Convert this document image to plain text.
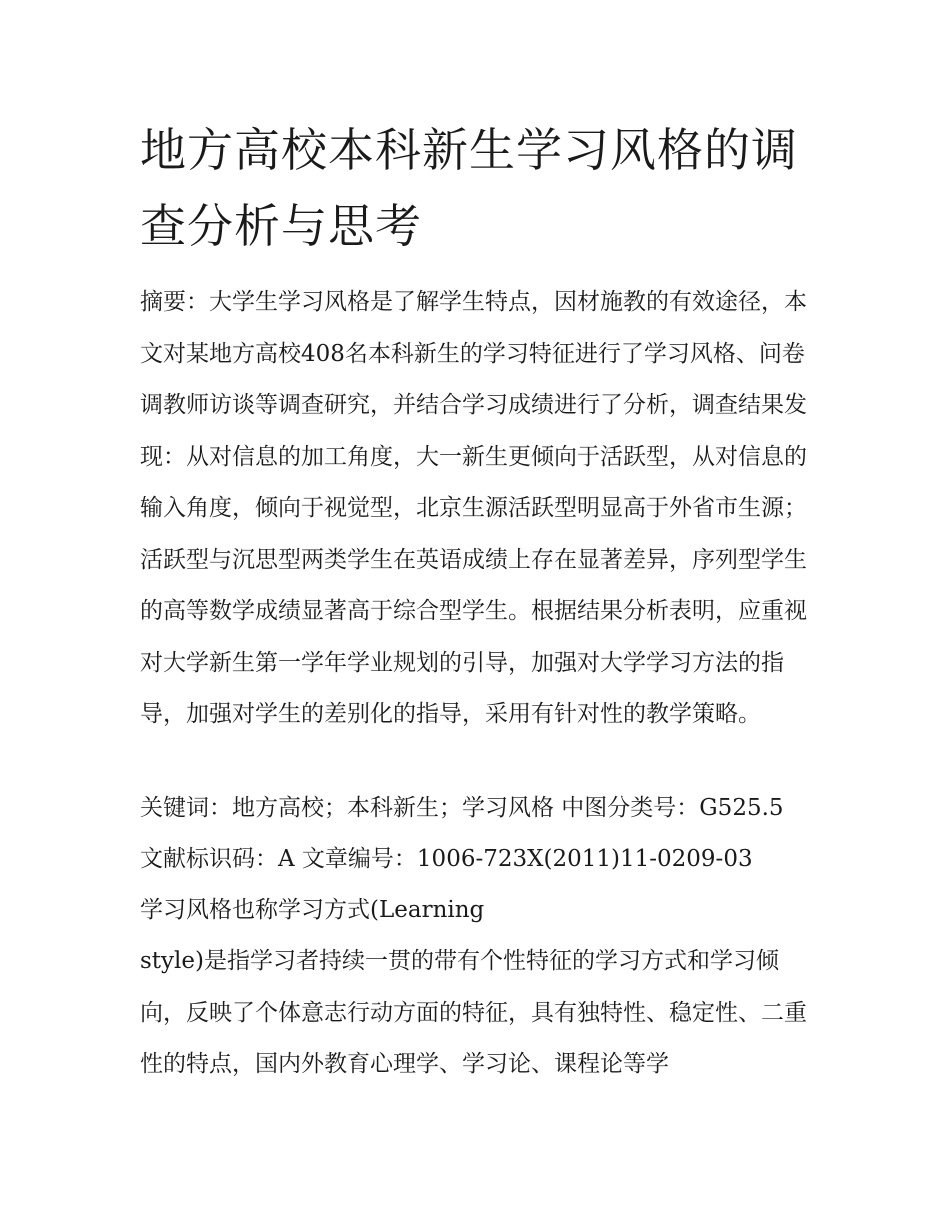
地方高校本科新生学习风格的调查分析与思考

摘要：大学生学习风格是了解学生特点，因材施教的有效途径，本文对某地方高校408名本科新生的学习特征进行了学习风格、问卷调教师访谈等调查研究，并结合学习成绩进行了分析，调查结果发现：从对信息的加工角度，大一新生更倾向于活跃型，从对信息的输入角度，倾向于视觉型，北京生源活跃型明显高于外省市生源；活跃型与沉思型两类学生在英语成绩上存在显著差异，序列型学生的高等数学成绩显著高于综合型学生。根据结果分析表明，应重视对大学新生第一学年学业规划的引导，加强对大学学习方法的指导，加强对学生的差别化的指导，采用有针对性的教学策略。

关键词：地方高校；本科新生；学习风格 中图分类号：G525.5

文献标识码：A 文章编号：1006-723X(2011)11-0209-03

学习风格也称学习方式(Learning

style)是指学习者持续一贯的带有个性特征的学习方式和学习倾向，反映了个体意志行动方面的特征，具有独特性、稳定性、二重性的特点，国内外教育心理学、学习论、课程论等学
